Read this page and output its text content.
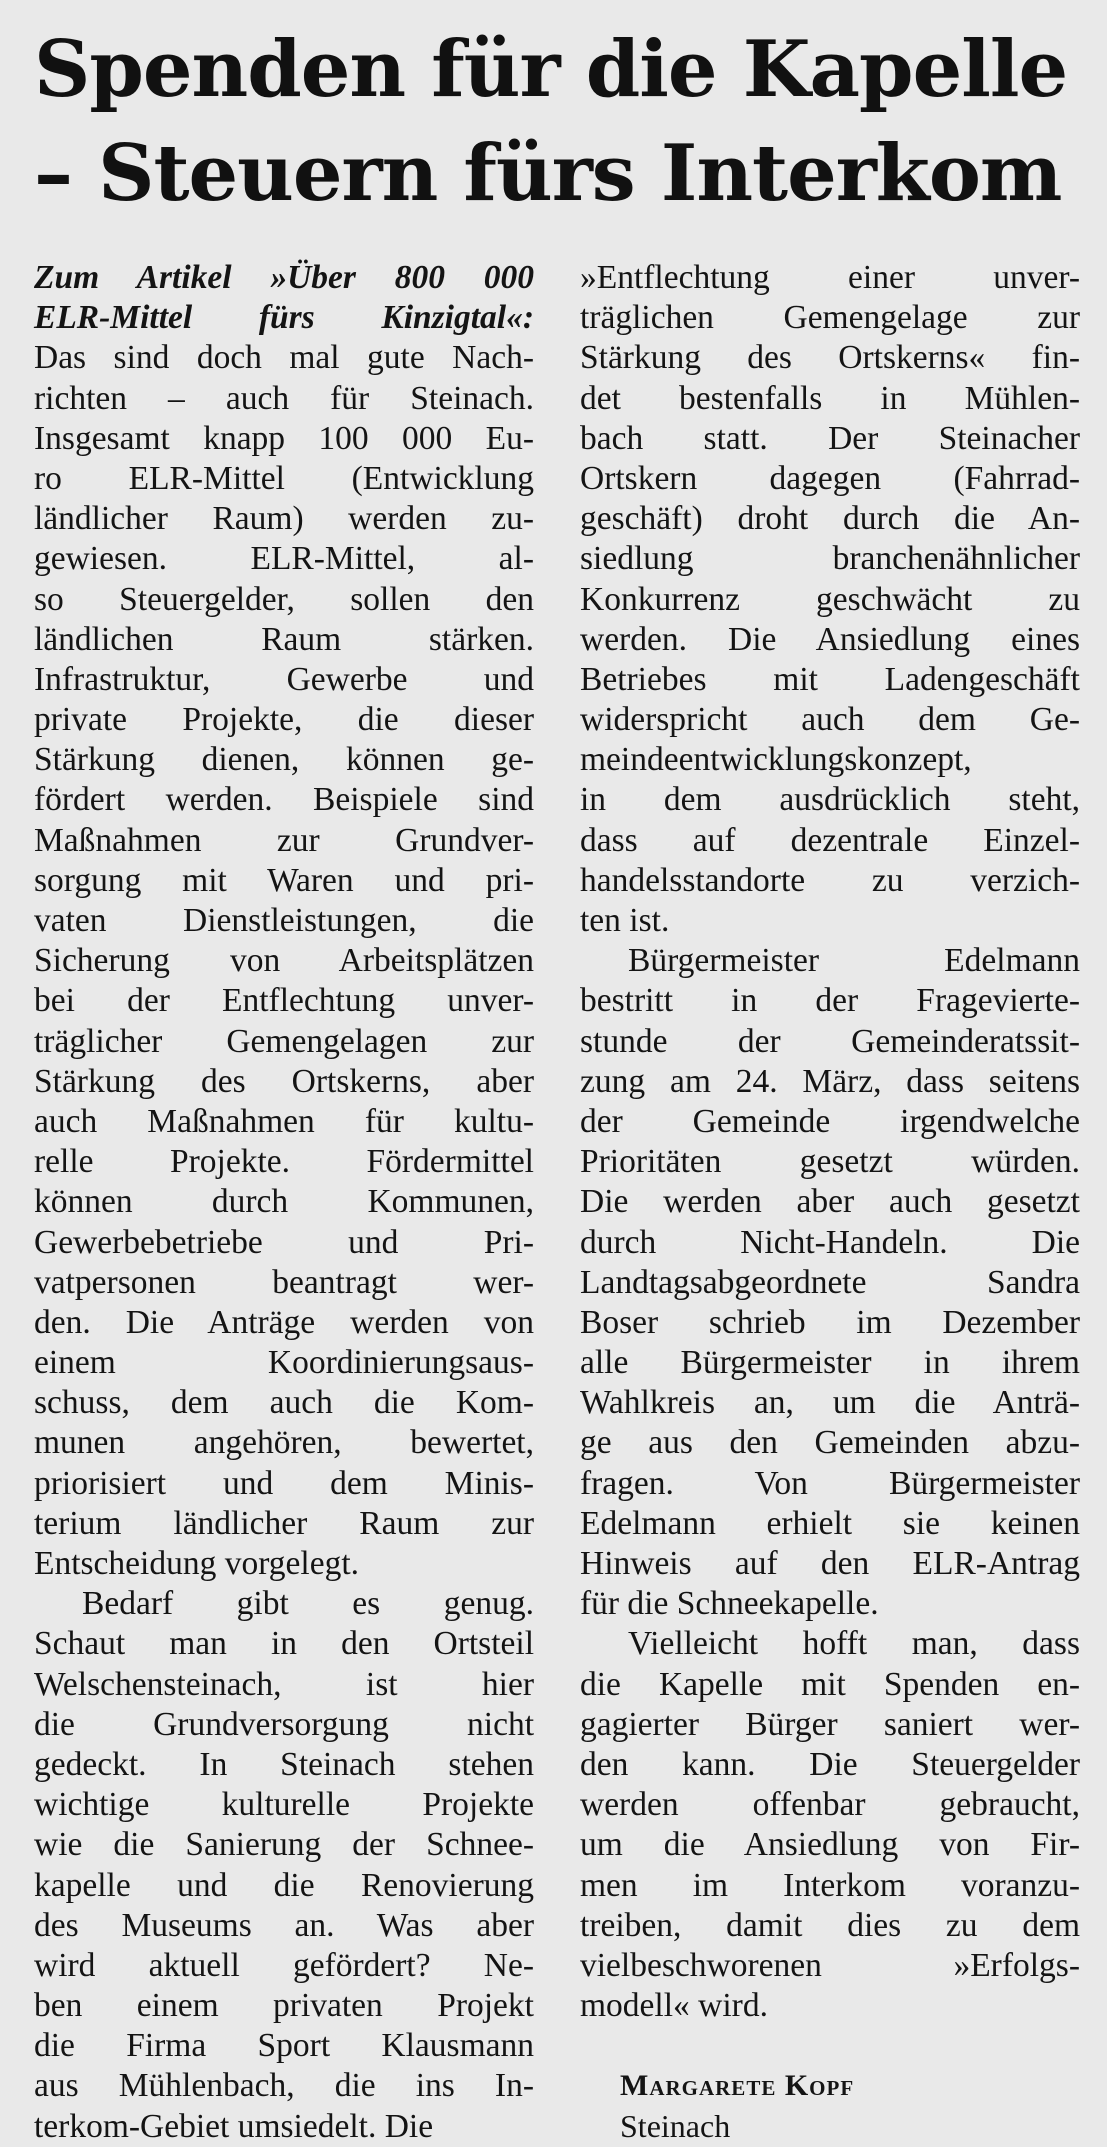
Spenden für die Kapelle
– Steuern fürs Interkom
Zum Artikel »Über 800 000
ELR-Mittel fürs Kinzigtal«:
Das sind doch mal gute Nach-
richten – auch für Steinach.
Insgesamt knapp 100 000 Eu-
ro ELR-Mittel (Entwicklung
ländlicher Raum) werden zu-
gewiesen. ELR-Mittel, al-
so Steuergelder, sollen den
ländlichen Raum stärken.
Infrastruktur, Gewerbe und
private Projekte, die dieser
Stärkung dienen, können ge-
fördert werden. Beispiele sind
Maßnahmen zur Grundver-
sorgung mit Waren und pri-
vaten Dienstleistungen, die
Sicherung von Arbeitsplätzen
bei der Entflechtung unver-
träglicher Gemengelagen zur
Stärkung des Ortskerns, aber
auch Maßnahmen für kultu-
relle Projekte. Fördermittel
können durch Kommunen,
Gewerbebetriebe und Pri-
vatpersonen beantragt wer-
den. Die Anträge werden von
einem Koordinierungsaus-
schuss, dem auch die Kom-
munen angehören, bewertet,
priorisiert und dem Minis-
terium ländlicher Raum zur
Entscheidung vorgelegt.
Bedarf gibt es genug.
Schaut man in den Ortsteil
Welschensteinach, ist hier
die Grundversorgung nicht
gedeckt. In Steinach stehen
wichtige kulturelle Projekte
wie die Sanierung der Schnee-
kapelle und die Renovierung
des Museums an. Was aber
wird aktuell gefördert? Ne-
ben einem privaten Projekt
die Firma Sport Klausmann
aus Mühlenbach, die ins In-
terkom-Gebiet umsiedelt. Die
»Entflechtung einer unver-
träglichen Gemengelage zur
Stärkung des Ortskerns« fin-
det bestenfalls in Mühlen-
bach statt. Der Steinacher
Ortskern dagegen (Fahrrad-
geschäft) droht durch die An-
siedlung branchenähnlicher
Konkurrenz geschwächt zu
werden. Die Ansiedlung eines
Betriebes mit Ladengeschäft
widerspricht auch dem Ge-
meindeentwicklungskonzept,
in dem ausdrücklich steht,
dass auf dezentrale Einzel-
handelsstandorte zu verzich-
ten ist.
Bürgermeister Edelmann
bestritt in der Fragevierte-
stunde der Gemeinderatssit-
zung am 24. März, dass seitens
der Gemeinde irgendwelche
Prioritäten gesetzt würden.
Die werden aber auch gesetzt
durch Nicht-Handeln. Die
Landtagsabgeordnete Sandra
Boser schrieb im Dezember
alle Bürgermeister in ihrem
Wahlkreis an, um die Anträ-
ge aus den Gemeinden abzu-
fragen. Von Bürgermeister
Edelmann erhielt sie keinen
Hinweis auf den ELR-Antrag
für die Schneekapelle.
Vielleicht hofft man, dass
die Kapelle mit Spenden en-
gagierter Bürger saniert wer-
den kann. Die Steuergelder
werden offenbar gebraucht,
um die Ansiedlung von Fir-
men im Interkom voranzu-
treiben, damit dies zu dem
vielbeschworenen »Erfolgs-
modell« wird.
Margarete Kopf
Steinach
